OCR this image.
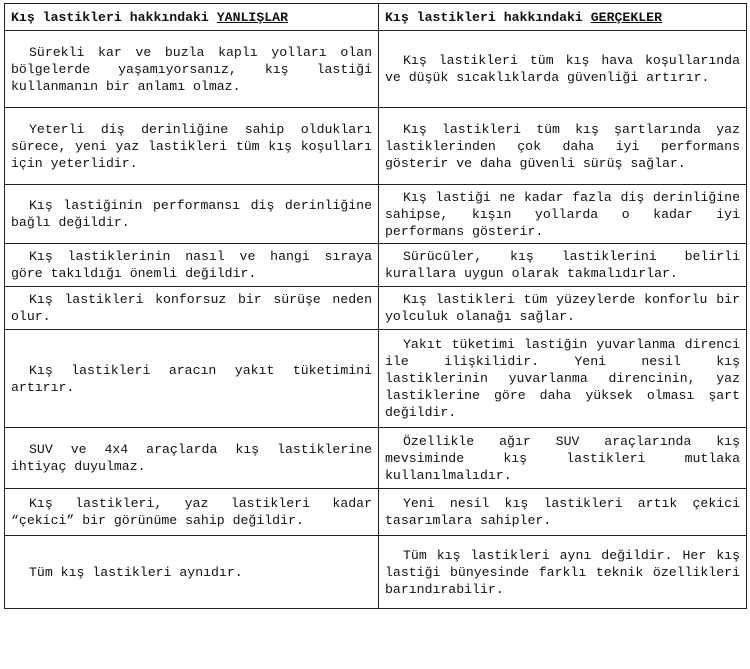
Kış lastikleri hakkındaki YANLIŞLAR	Kış lastikleri hakkındaki GERÇEKLER

Sürekli kar ve buzla kaplı yolları olan bölgelerde yaşamıyorsanız, kış lastiği kullanmanın bir anlamı olmaz.	Kış lastikleri tüm kış hava koşullarında ve düşük sıcaklıklarda güvenliği artırır.

Yeterli diş derinliğine sahip oldukları sürece, yeni yaz lastikleri tüm kış koşulları için yeterlidir.	Kış lastikleri tüm kış şartlarında yaz lastiklerinden çok daha iyi performans gösterir ve daha güvenli sürüş sağlar.

Kış lastiğinin performansı diş derinliğine bağlı değildir.	Kış lastiği ne kadar fazla diş derinliğine sahipse, kışın yollarda o kadar iyi performans gösterir.

Kış lastiklerinin nasıl ve hangi sıraya göre takıldığı önemli değildir.	Sürücüler, kış lastiklerini belirli kurallara uygun olarak takmalıdırlar.

Kış lastikleri konforsuz bir sürüşe neden olur.	Kış lastikleri tüm yüzeylerde konforlu bir yolculuk olanağı sağlar.

Kış lastikleri aracın yakıt tüketimini artırır.	Yakıt tüketimi lastiğin yuvarlanma direnci ile ilişkilidir. Yeni nesil kış lastiklerinin yuvarlanma direncinin, yaz lastiklerine göre daha yüksek olması şart değildir.

SUV ve 4x4 araçlarda kış lastiklerine ihtiyaç duyulmaz.	Özellikle ağır SUV araçlarında kış mevsiminde kış lastikleri mutlaka kullanılmalıdır.

Kış lastikleri, yaz lastikleri kadar “çekici” bir görünüme sahip değildir.	Yeni nesil kış lastikleri artık çekici tasarımlara sahipler.

Tüm kış lastikleri aynıdır.	Tüm kış lastikleri aynı değildir. Her kış lastiği bünyesinde farklı teknik özellikleri barındırabilir.
